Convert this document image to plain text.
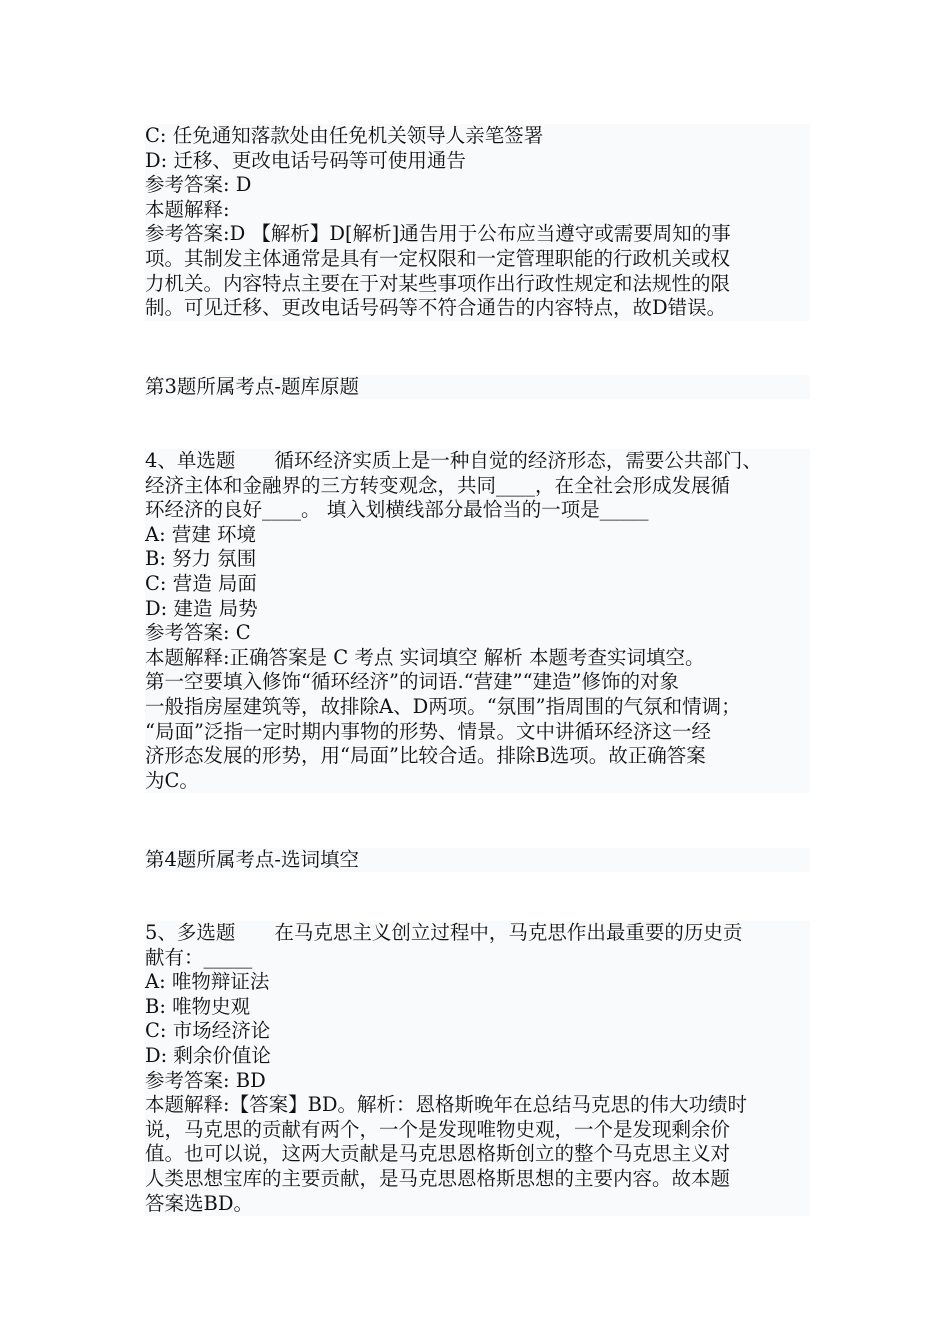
C: 任免通知落款处由任免机关领导人亲笔签署
D: 迁移、更改电话号码等可使用通告
参考答案: D
本题解释:
参考答案:D 【解析】D[解析]通告用于公布应当遵守或需要周知的事
项。其制发主体通常是具有一定权限和一定管理职能的行政机关或权
力机关。内容特点主要在于对某些事项作出行政性规定和法规性的限
制。可见迁移、更改电话号码等不符合通告的内容特点，故D错误。
第3题所属考点-题库原题
4、单选题　　循环经济实质上是一种自觉的经济形态，需要公共部门、
经济主体和金融界的三方转变观念，共同____，在全社会形成发展循
环经济的良好____。 填入划横线部分最恰当的一项是_____
A: 营建 环境
B: 努力 氛围
C: 营造 局面
D: 建造 局势
参考答案: C
本题解释:正确答案是 C 考点 实词填空 解析 本题考查实词填空。
第一空要填入修饰“循环经济”的词语.“营建”“建造”修饰的对象
一般指房屋建筑等，故排除A、D两项。“氛围”指周围的气氛和情调；
“局面”泛指一定时期内事物的形势、情景。文中讲循环经济这一经
济形态发展的形势，用“局面”比较合适。排除B选项。故正确答案
为C。
第4题所属考点-选词填空
5、多选题　　在马克思主义创立过程中，马克思作出最重要的历史贡
献有：_____
A: 唯物辩证法
B: 唯物史观
C: 市场经济论
D: 剩余价值论
参考答案: BD
本题解释:【答案】BD。解析：恩格斯晚年在总结马克思的伟大功绩时
说，马克思的贡献有两个，一个是发现唯物史观，一个是发现剩余价
值。也可以说，这两大贡献是马克思恩格斯创立的整个马克思主义对
人类思想宝库的主要贡献，是马克思恩格斯思想的主要内容。故本题
答案选BD。
